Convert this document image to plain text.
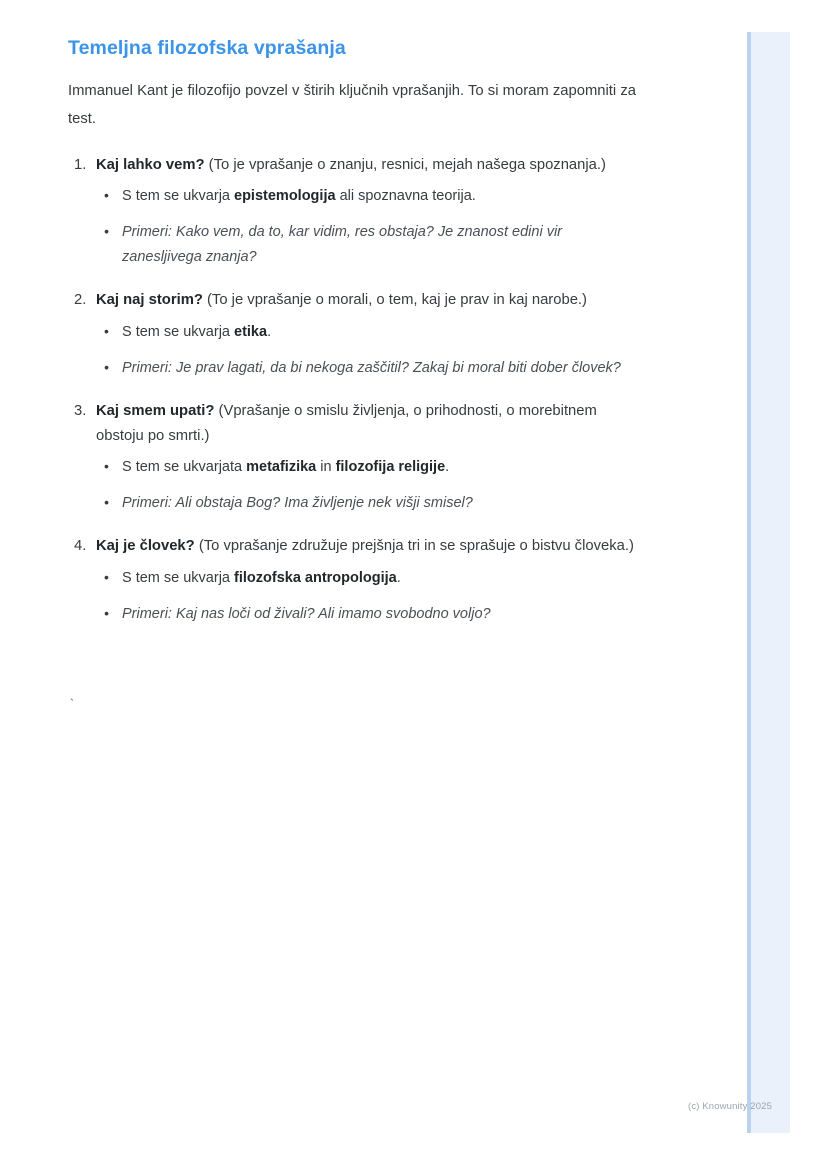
Temeljna filozofska vprašanja

Immanuel Kant je filozofijo povzel v štirih ključnih vprašanjih. To si moram zapomniti za test.

Kaj lahko vem? (To je vprašanje o znanju, resnici, mejah našega spoznanja.)

• S tem se ukvarja epistemologija ali spoznavna teorija.
• Primeri: Kako vem, da to, kar vidim, res obstaja? Je znanost edini vir zanesljivega znanja?

Kaj naj storim? (To je vprašanje o morali, o tem, kaj je prav in kaj narobe.)

• S tem se ukvarja etika.
• Primeri: Je prav lagati, da bi nekoga zaščitil? Zakaj bi moral biti dober človek?

Kaj smem upati? (Vprašanje o smislu življenja, o prihodnosti, o morebitnem obstoju po smrti.)

• S tem se ukvarjata metafizika in filozofija religije.
• Primeri: Ali obstaja Bog? Ima življenje nek višji smisel?

Kaj je človek? (To vprašanje združuje prejšnja tri in se sprašuje o bistvu človeka.)

• S tem se ukvarja filozofska antropologija.
• Primeri: Kaj nas loči od živali? Ali imamo svobodno voljo?
`
(c) Knowunity 2025
